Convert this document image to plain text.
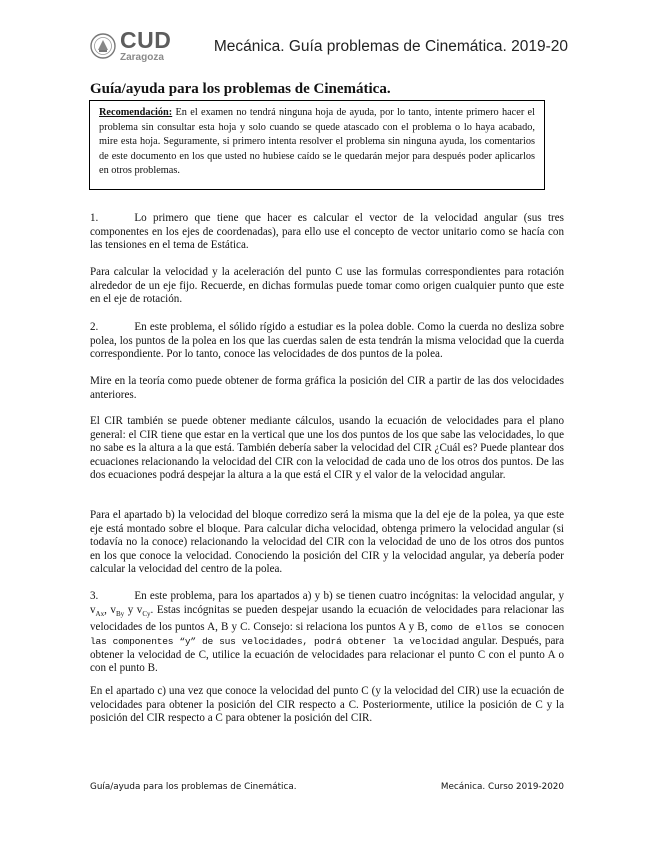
CUD
Zaragoza
Mecánica. Guía problemas de Cinemática. 2019-20
Guía/ayuda para los problemas de Cinemática.
Recomendación: En el examen no tendrá ninguna hoja de ayuda, por lo tanto, intente primero hacer el problema sin consultar esta hoja y solo cuando se quede atascado con el problema o lo haya acabado, mire esta hoja. Seguramente, si primero intenta resolver el problema sin ninguna ayuda, los comentarios de este documento en los que usted no hubiese caído se le quedarán mejor para después poder aplicarlos en otros problemas.

1.	Lo primero que tiene que hacer es calcular el vector de la velocidad angular (sus tres componentes en los ejes de coordenadas), para ello use el concepto de vector unitario como se hacía con las tensiones en el tema de Estática.

Para calcular la velocidad y la aceleración del punto C use las formulas correspondientes para rotación alrededor de un eje fijo. Recuerde, en dichas formulas puede tomar como origen cualquier punto que este en el eje de rotación.

2.	En este problema, el sólido rígido a estudiar es la polea doble. Como la cuerda no desliza sobre polea, los puntos de la polea en los que las cuerdas salen de esta tendrán la misma velocidad que la cuerda correspondiente. Por lo tanto, conoce las velocidades de dos puntos de la polea.

Mire en la teoría como puede obtener de forma gráfica la posición del CIR a partir de las dos velocidades anteriores.

El CIR también se puede obtener mediante cálculos, usando la ecuación de velocidades para el plano general: el CIR tiene que estar en la vertical que une los dos puntos de los que sabe las velocidades, lo que no sabe es la altura a la que está. También debería saber la velocidad del CIR ¿Cuál es? Puede plantear dos ecuaciones relacionando la velocidad del CIR con la velocidad de cada uno de los otros dos puntos. De las dos ecuaciones podrá despejar la altura a la que está el CIR y el valor de la velocidad angular.

Para el apartado b) la velocidad del bloque corredizo será la misma que la del eje de la polea, ya que este eje está montado sobre el bloque. Para calcular dicha velocidad, obtenga primero la velocidad angular (si todavía no la conoce) relacionando la velocidad del CIR con la velocidad de uno de los otros dos puntos en los que conoce la velocidad. Conociendo la posición del CIR y la velocidad angular, ya debería poder calcular la velocidad del centro de la polea.

3.	En este problema, para los apartados a) y b) se tienen cuatro incógnitas: la velocidad angular, y $v_{Ax}$, $v_{By}$ y $v_{Cy}$. Estas incógnitas se pueden despejar usando la ecuación de velocidades para relacionar las velocidades de los puntos A, B y C. Consejo: si relaciona los puntos A y B, como de ellos se conocen las componentes “y” de sus velocidades, podrá obtener la velocidad angular. Después, para obtener la velocidad de C, utilice la ecuación de velocidades para relacionar el punto C con el punto A o con el punto B.

En el apartado c) una vez que conoce la velocidad del punto C (y la velocidad del CIR) use la ecuación de velocidades para obtener la posición del CIR respecto a C. Posteriormente, utilice la posición de C y la posición del CIR respecto a C para obtener la posición del CIR.

Guía/ayuda para los problemas de Cinemática.	Mecánica. Curso 2019-2020
